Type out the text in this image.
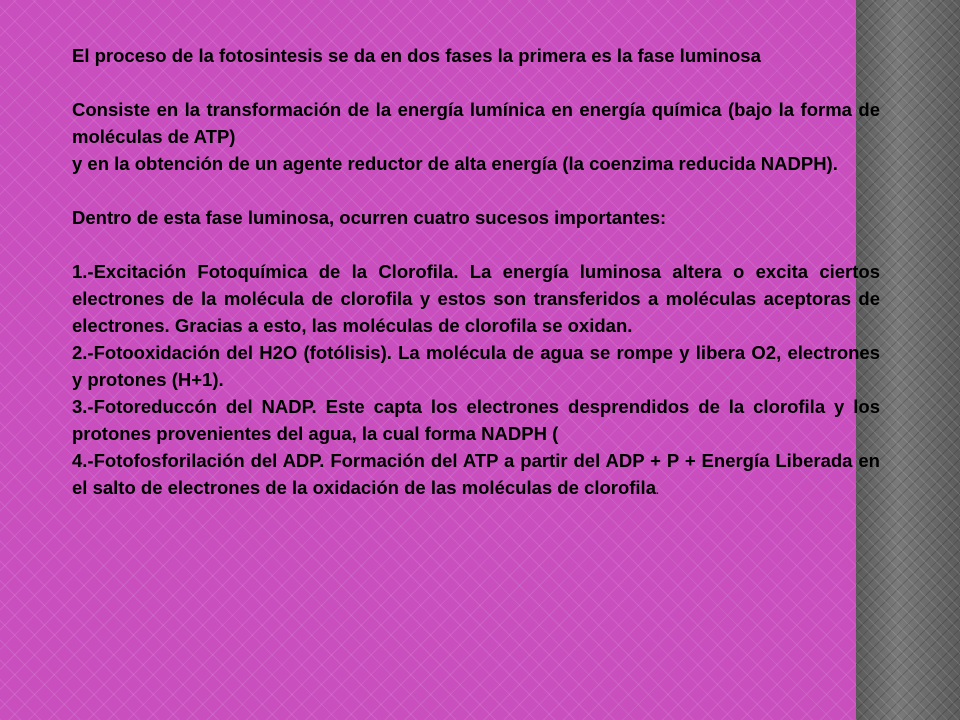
El proceso de la fotosintesis se da en dos fases la primera es la fase luminosa

Consiste en la transformación de la energía lumínica en energía química (bajo la forma de moléculas de ATP)

y en la obtención de un agente reductor de alta energía (la coenzima reducida NADPH).

Dentro de esta fase luminosa, ocurren cuatro sucesos importantes:

1.-Excitación Fotoquímica de la Clorofila. La energía luminosa altera o excita ciertos electrones de la molécula de clorofila y estos son transferidos a moléculas aceptoras de electrones. Gracias a esto, las moléculas de clorofila se oxidan.

2.-Fotooxidación del H2O (fotólisis). La molécula de agua se rompe y libera O2, electrones y protones (H+1).

3.-Fotoreduccón del NADP. Este capta los electrones desprendidos de la clorofila y los protones provenientes del agua, la cual forma NADPH (

4.-Fotofosforilación del ADP. Formación del ATP a partir del ADP + P + Energía Liberada en el salto de electrones de la oxidación de las moléculas de clorofila.
